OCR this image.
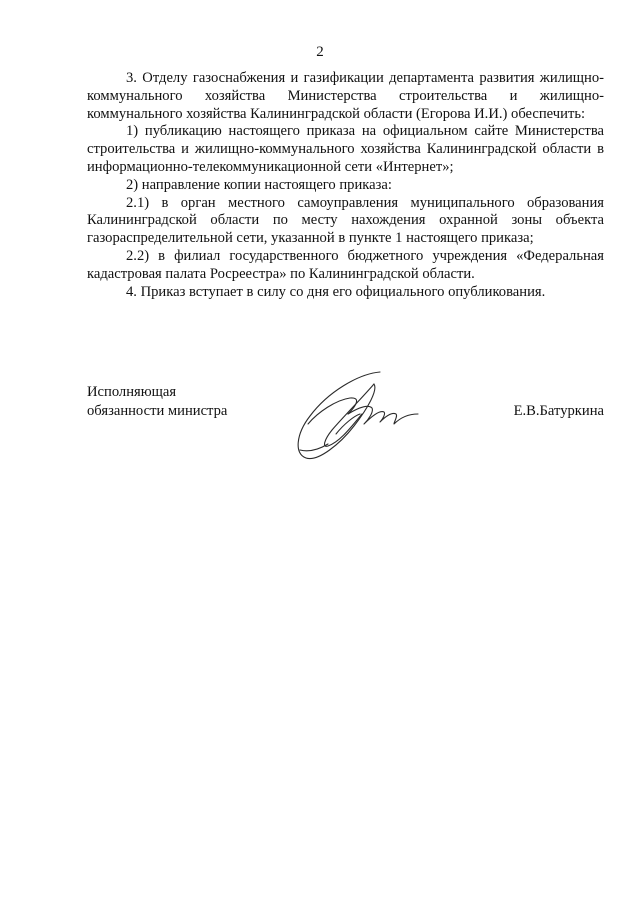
2

3. Отделу газоснабжения и газификации департамента развития жилищно-коммунального хозяйства Министерства строительства и жилищно-коммунального хозяйства Калининградской области (Егорова И.И.) обеспечить:

1) публикацию настоящего приказа на официальном сайте Министерства строительства и жилищно-коммунального хозяйства Калининградской области в информационно-телекоммуникационной сети «Интернет»;

2) направление копии настоящего приказа:

2.1) в орган местного самоуправления муниципального образования Калининградской области по месту нахождения охранной зоны объекта газораспределительной сети, указанной в пункте 1 настоящего приказа;

2.2) в филиал государственного бюджетного учреждения «Федеральная кадастровая палата Росреестра» по Калининградской области.

4. Приказ вступает в силу со дня его официального опубликования.

Исполняющая
обязанности министра	Е.В.Батуркина
